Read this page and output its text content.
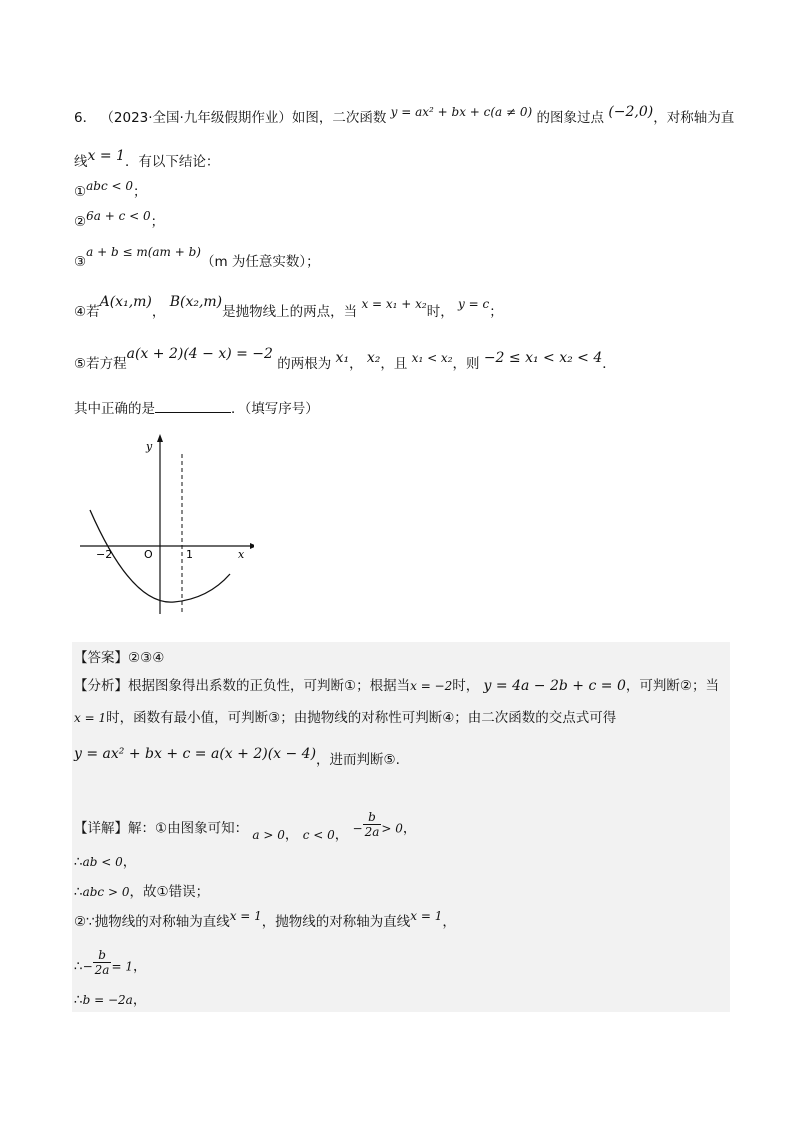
6． （2023·全国·九年级假期作业）如图，二次函数 y = ax² + bx + c(a ≠ 0) 的图象过点 (−2,0)，对称轴为直
线x = 1．有以下结论：
①abc < 0；
②6a + c < 0；
③a + b ≤ m(am + b)（m 为任意实数）；
④若A(x₁,m)， B(x₂,m)是抛物线上的两点，当 x = x₁ + x₂时， y = c；
⑤若方程a(x + 2)(4 − x) = −2 的两根为 x₁， x₂，且 x₁ < x₂，则 −2 ≤ x₁ < x₂ < 4．
其中正确的是	．（填写序号）
y
x
O
−2	1
【答案】②③④
【分析】根据图象得出系数的正负性，可判断①；根据当x = −2时， y = 4a − 2b + c = 0，可判断②；当
x = 1时，函数有最小值，可判断③；由抛物线的对称性可判断④；由二次函数的交点式可得
y = ax² + bx + c = a(x + 2)(x − 4)，进而判断⑤.
【详解】解：①由图象可知： a > 0， c < 0， − $\frac{b}{2a} > 0$，
∴ab < 0，
∴abc > 0，故①错误；
②∵抛物线的对称轴为直线x = 1，抛物线的对称轴为直线x = 1，
∴− $\frac{b}{2a} = 1$，
∴b = −2a，
